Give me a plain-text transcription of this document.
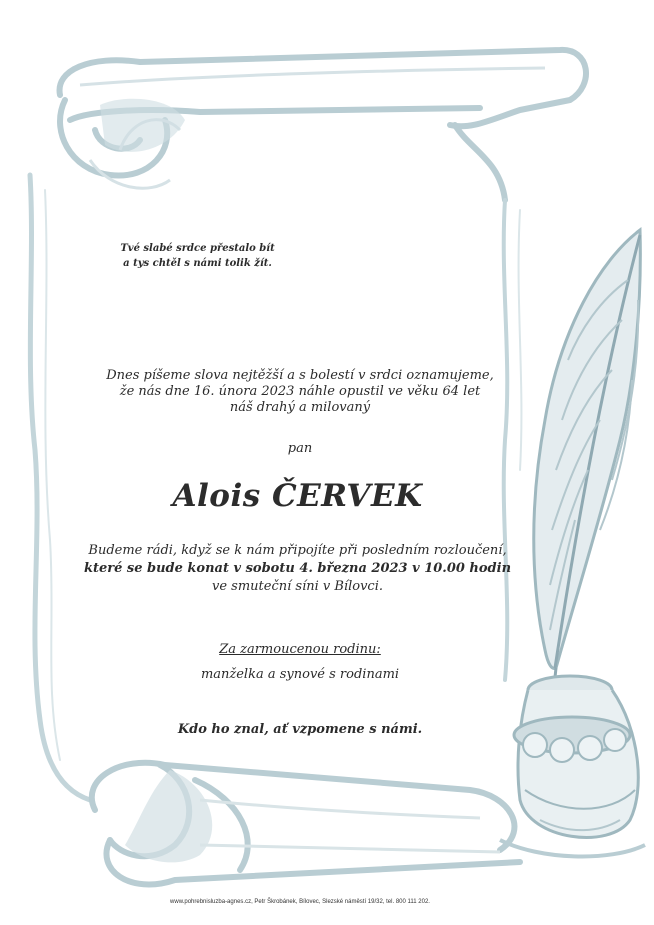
Tvé slabé srdce přestalo bít
a tys chtěl s námi tolik žít.
Dnes píšeme slova nejtěžší a s bolestí v srdci oznamujeme,
že nás dne 16. února 2023 náhle opustil ve věku 64 let
náš drahý a milovaný
pan
Alois ČERVEK
Budeme rádi, když se k nám připojíte při posledním rozloučení,
které se bude konat v sobotu 4. března 2023 v 10.00 hodin
ve smuteční síni v Bílovci.
Za zarmoucenou rodinu:
manželka a synové s rodinami
Kdo ho znal, ať vzpomene s námi.
www.pohrebnisluzba-agnes.cz, Petr Škrobánek, Bílovec, Slezské náměstí 19/32, tel. 800 111 202.
